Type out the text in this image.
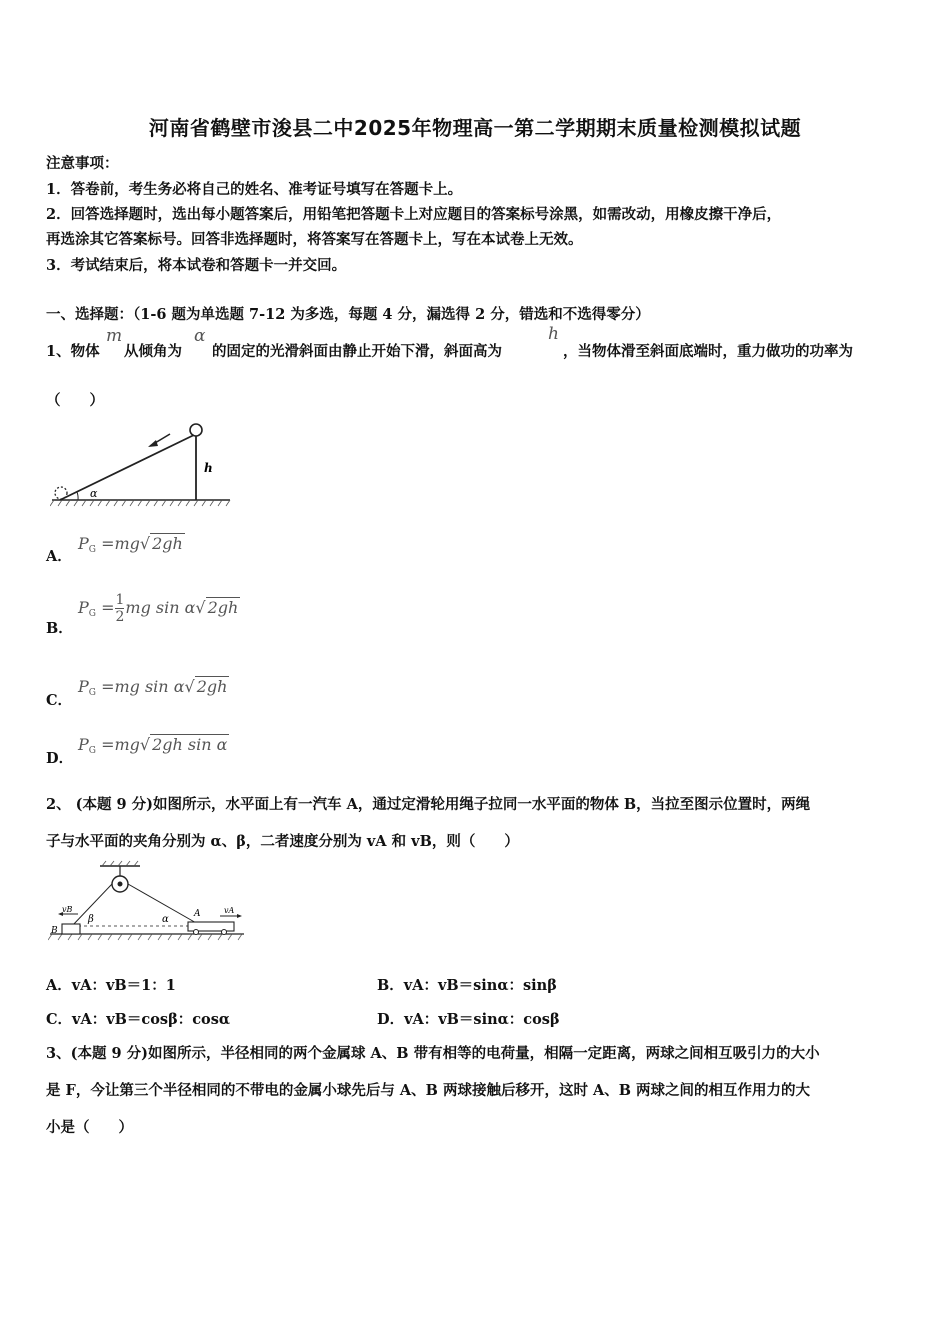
河南省鹤壁市浚县二中2025年物理高一第二学期期末质量检测模拟试题
注意事项：
1．答卷前，考生务必将自己的姓名、准考证号填写在答题卡上。
2．回答选择题时，选出每小题答案后，用铅笔把答题卡上对应题目的答案标号涂黑，如需改动，用橡皮擦干净后，
再选涂其它答案标号。回答非选择题时，将答案写在答题卡上，写在本试卷上无效。
3．考试结束后，将本试卷和答题卡一并交回。
一、选择题：（1-6 题为单选题 7-12 为多选，每题 4 分，漏选得 2 分，错选和不选得零分）
1、物体
m
从倾角为
α
的固定的光滑斜面由静止开始下滑，斜面高为
h
，当物体滑至斜面底端时，重力做功的功率为
（　　）
α
h
A．
$P_G =mg√$ 2gh
B．
$P_G = \frac{1}{2}$ mg sin α√ 2gh
C．
$P_G =mg$ sin α√ 2gh
D．
$P_G =mg√$ 2gh sin α
2、 (本题 9 分)如图所示，水平面上有一汽车 A，通过定滑轮用绳子拉同一水平面的物体 B，当拉至图示位置时，两绳
子与水平面的夹角分别为 α、β，二者速度分别为 vA 和 vB，则（　　）
vB
β	α	A	vA
B
A．vA：vB＝1：1	B．vA：vB＝sinα：sinβ
C．vA：vB＝cosβ：cosα	D．vA：vB＝sinα：cosβ
3、(本题 9 分)如图所示，半径相同的两个金属球 A、B 带有相等的电荷量，相隔一定距离，两球之间相互吸引力的大小
是 F，今让第三个半径相同的不带电的金属小球先后与 A、B 两球接触后移开，这时 A、B 两球之间的相互作用力的大
小是（　　）
